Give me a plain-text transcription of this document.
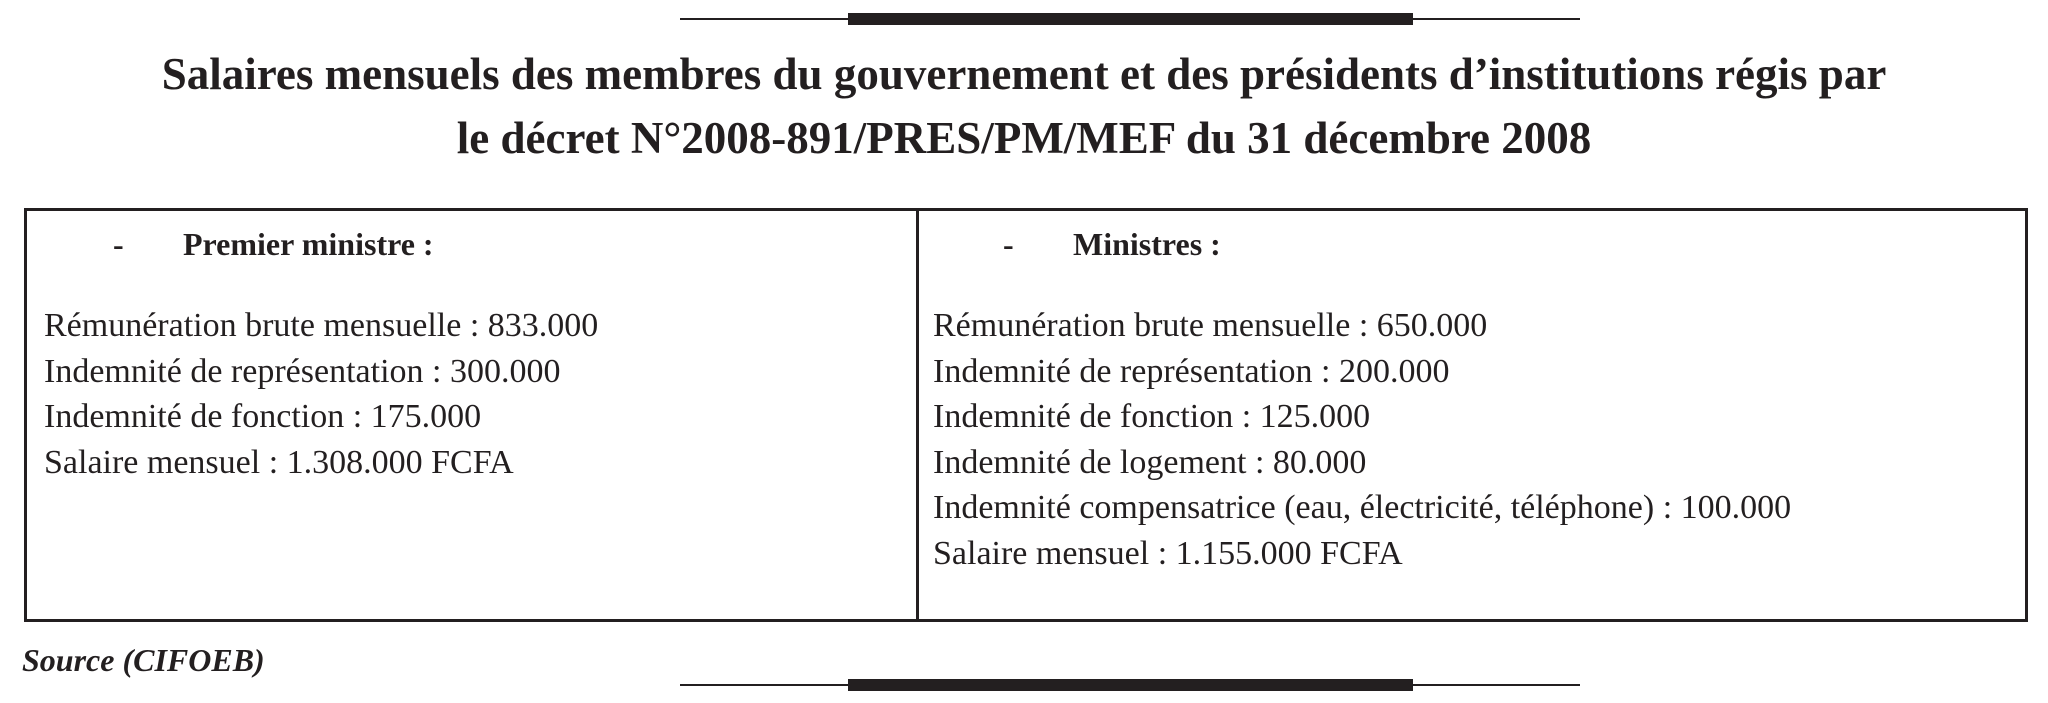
Salaires mensuels des membres du gouvernement et des présidents d’institutions régis par
le décret N°2008-891/PRES/PM/MEF du 31 décembre 2008
- Premier ministre :
Rémunération brute mensuelle : 833.000
Indemnité de représentation : 300.000
Indemnité de fonction : 175.000
Salaire mensuel : 1.308.000 FCFA
- Ministres :
Rémunération brute mensuelle : 650.000
Indemnité de représentation : 200.000
Indemnité de fonction : 125.000
Indemnité de logement : 80.000
Indemnité compensatrice (eau, électricité, téléphone) : 100.000
Salaire mensuel : 1.155.000 FCFA
Source (CIFOEB)
